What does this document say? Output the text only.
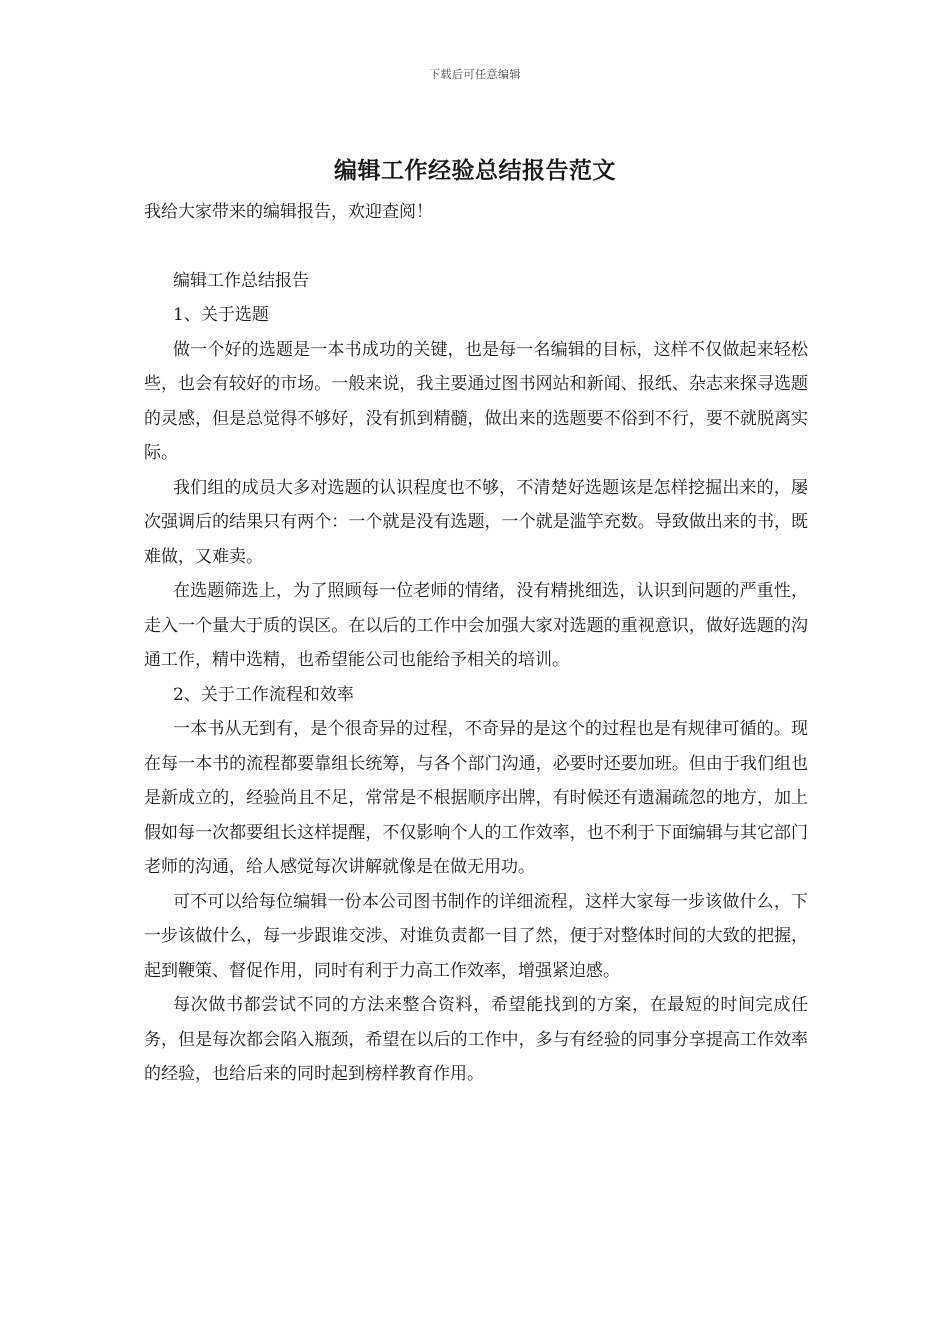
下载后可任意编辑
编辑工作经验总结报告范文

我给大家带来的编辑报告，欢迎查阅！

编辑工作总结报告

1、关于选题

做一个好的选题是一本书成功的关键，也是每一名编辑的目标，这样不仅做起来轻松些，也会有较好的市场。一般来说，我主要通过图书网站和新闻、报纸、杂志来探寻选题的灵感，但是总觉得不够好，没有抓到精髓，做出来的选题要不俗到不行，要不就脱离实际。

我们组的成员大多对选题的认识程度也不够，不清楚好选题该是怎样挖掘出来的，屡次强调后的结果只有两个：一个就是没有选题，一个就是滥竽充数。导致做出来的书，既难做，又难卖。

在选题筛选上，为了照顾每一位老师的情绪，没有精挑细选，认识到问题的严重性，走入一个量大于质的误区。在以后的工作中会加强大家对选题的重视意识，做好选题的沟通工作，精中选精，也希望能公司也能给予相关的培训。

2、关于工作流程和效率

一本书从无到有，是个很奇异的过程，不奇异的是这个的过程也是有规律可循的。现在每一本书的流程都要靠组长统筹，与各个部门沟通，必要时还要加班。但由于我们组也是新成立的，经验尚且不足，常常是不根据顺序出牌，有时候还有遗漏疏忽的地方，加上假如每一次都要组长这样提醒，不仅影响个人的工作效率，也不利于下面编辑与其它部门老师的沟通，给人感觉每次讲解就像是在做无用功。

可不可以给每位编辑一份本公司图书制作的详细流程，这样大家每一步该做什么，下一步该做什么，每一步跟谁交涉、对谁负责都一目了然，便于对整体时间的大致的把握，起到鞭策、督促作用，同时有利于力高工作效率，增强紧迫感。

每次做书都尝试不同的方法来整合资料，希望能找到的方案，在最短的时间完成任务，但是每次都会陷入瓶颈，希望在以后的工作中，多与有经验的同事分享提高工作效率的经验，也给后来的同时起到榜样教育作用。
